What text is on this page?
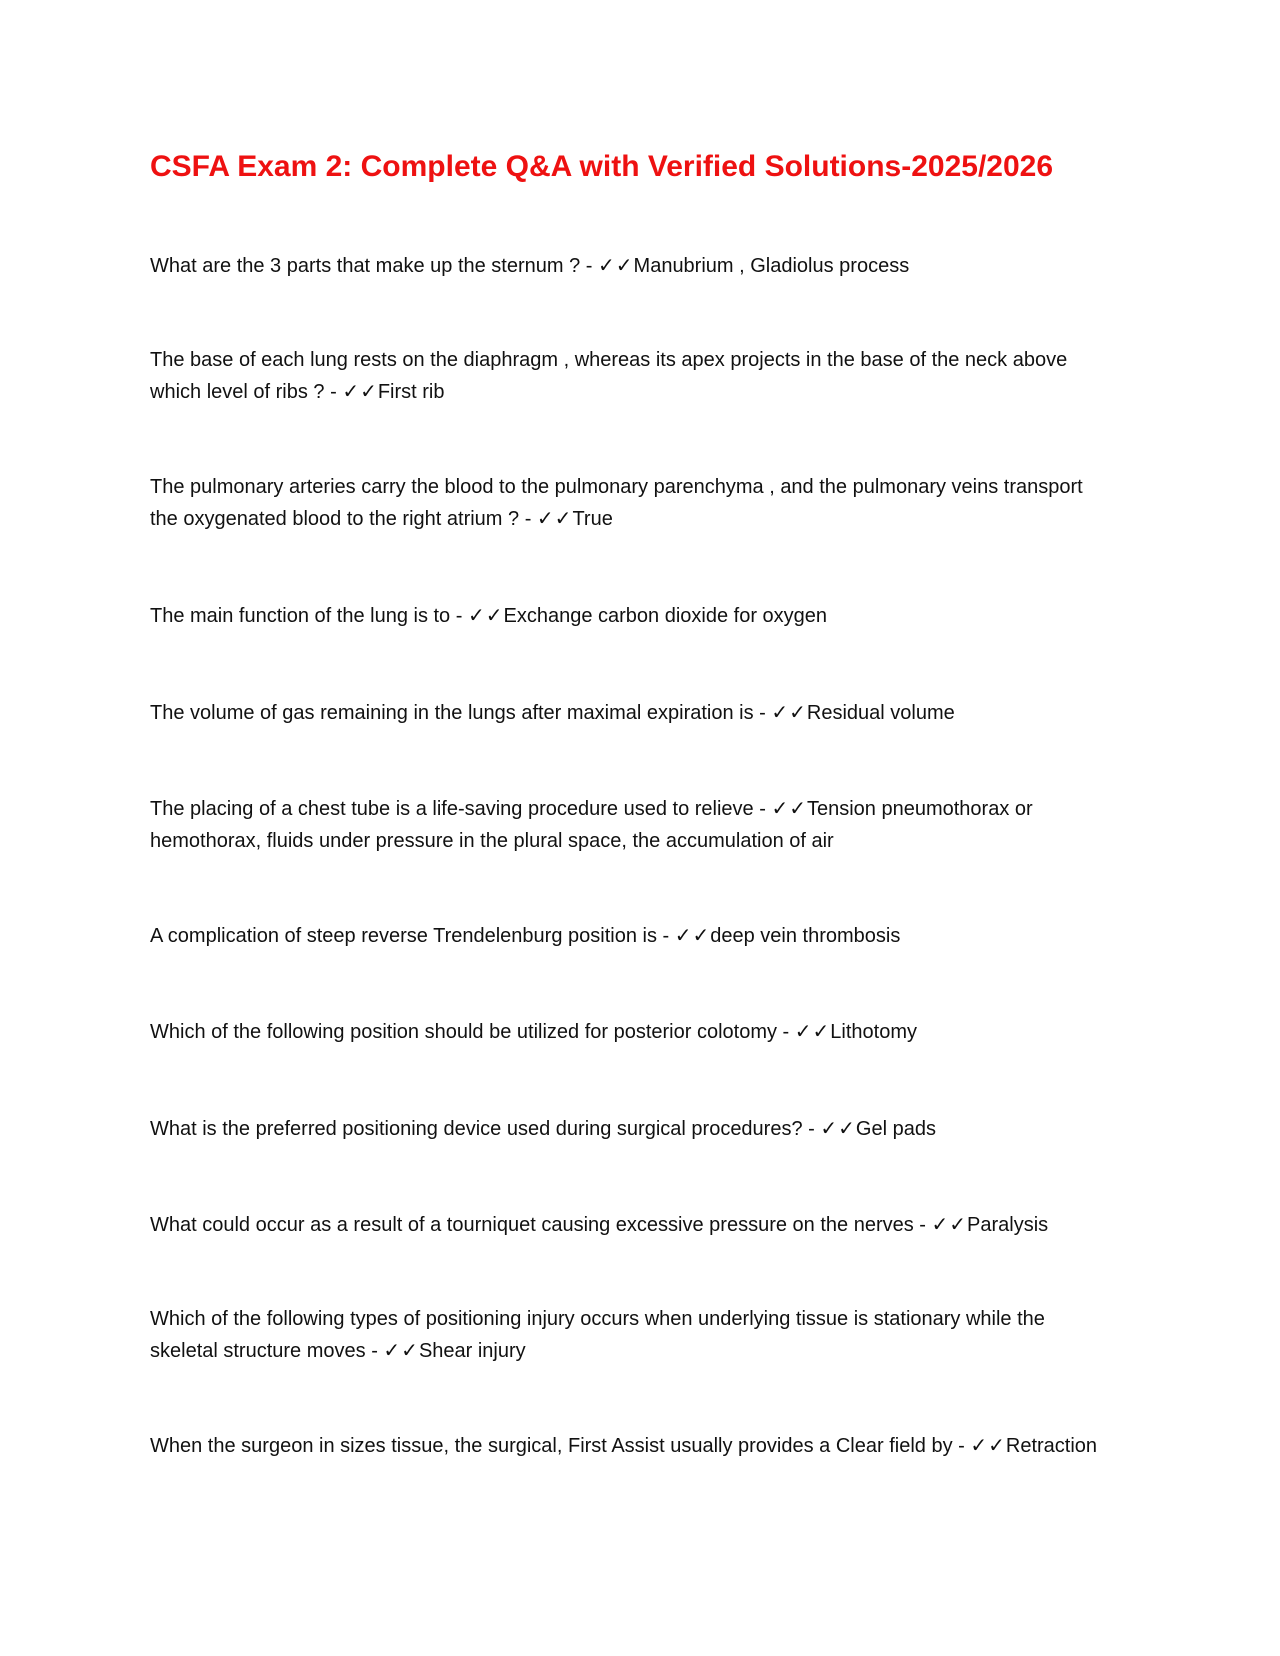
CSFA Exam 2: Complete Q&A with Verified Solutions-2025/2026

What are the 3 parts that make up the sternum ? - ✓✓Manubrium , Gladiolus process

The base of each lung rests on the diaphragm , whereas its apex projects in the base of the neck above which level of ribs ? - ✓✓First rib

The pulmonary arteries carry the blood to the pulmonary parenchyma , and the pulmonary veins transport the oxygenated blood to the right atrium ? - ✓✓True

The main function of the lung is to - ✓✓Exchange carbon dioxide for oxygen

The volume of gas remaining in the lungs after maximal expiration is - ✓✓Residual volume

The placing of a chest tube is a life-saving procedure used to relieve - ✓✓Tension pneumothorax or hemothorax, fluids under pressure in the plural space, the accumulation of air

A complication of steep reverse Trendelenburg position is - ✓✓deep vein thrombosis

Which of the following position should be utilized for posterior colotomy - ✓✓Lithotomy

What is the preferred positioning device used during surgical procedures? - ✓✓Gel pads

What could occur as a result of a tourniquet causing excessive pressure on the nerves - ✓✓Paralysis

Which of the following types of positioning injury occurs when underlying tissue is stationary while the skeletal structure moves - ✓✓Shear injury

When the surgeon in sizes tissue, the surgical, First Assist usually provides a Clear field by - ✓✓Retraction
